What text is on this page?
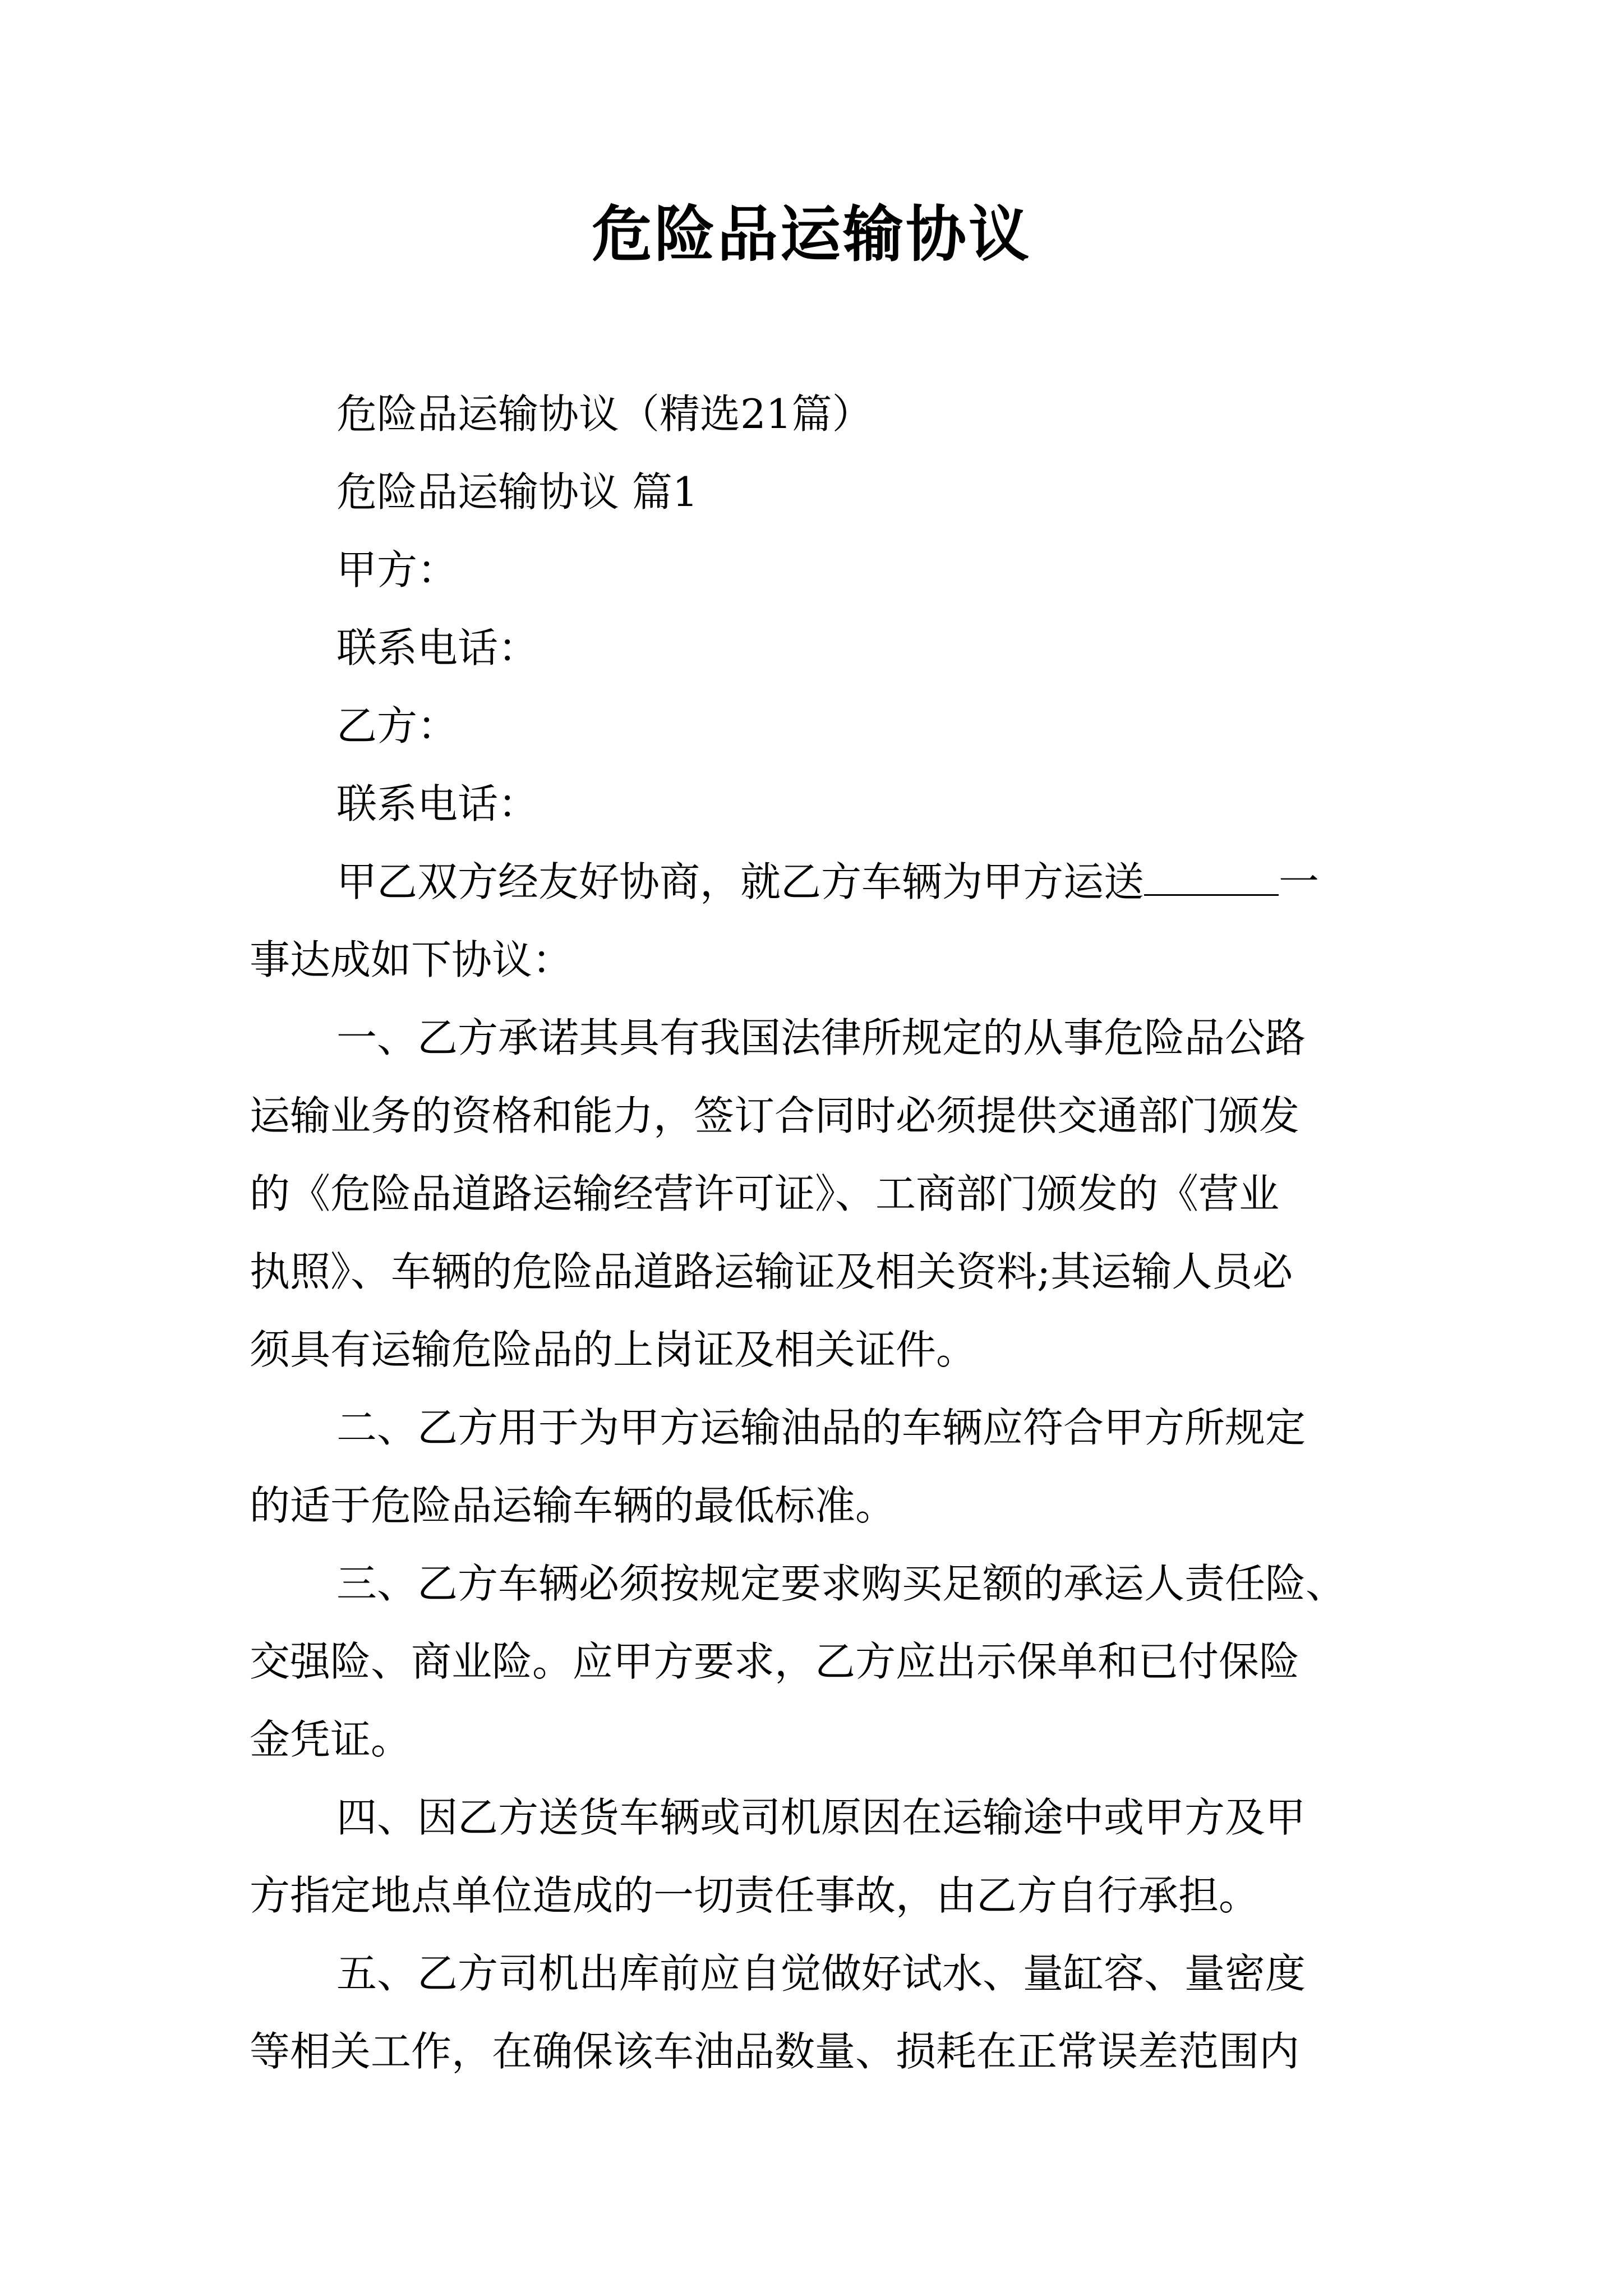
危险品运输协议

危险品运输协议（精选21篇）

危险品运输协议 篇1

甲方：

联系电话：

乙方：

联系电话：

甲乙双方经友好协商，就乙方车辆为甲方运送	一

事达成如下协议：

一、乙方承诺其具有我国法律所规定的从事危险品公路

运输业务的资格和能力，签订合同时必须提供交通部门颁发

的《危险品道路运输经营许可证》、工商部门颁发的《营业

执照》、车辆的危险品道路运输证及相关资料;其运输人员必

须具有运输危险品的上岗证及相关证件。

二、乙方用于为甲方运输油品的车辆应符合甲方所规定

的适于危险品运输车辆的最低标准。

三、乙方车辆必须按规定要求购买足额的承运人责任险、

交强险、商业险。应甲方要求，乙方应出示保单和已付保险

金凭证。

四、因乙方送货车辆或司机原因在运输途中或甲方及甲

方指定地点单位造成的一切责任事故，由乙方自行承担。

五、乙方司机出库前应自觉做好试水、量缸容、量密度

等相关工作，在确保该车油品数量、损耗在正常误差范围内
